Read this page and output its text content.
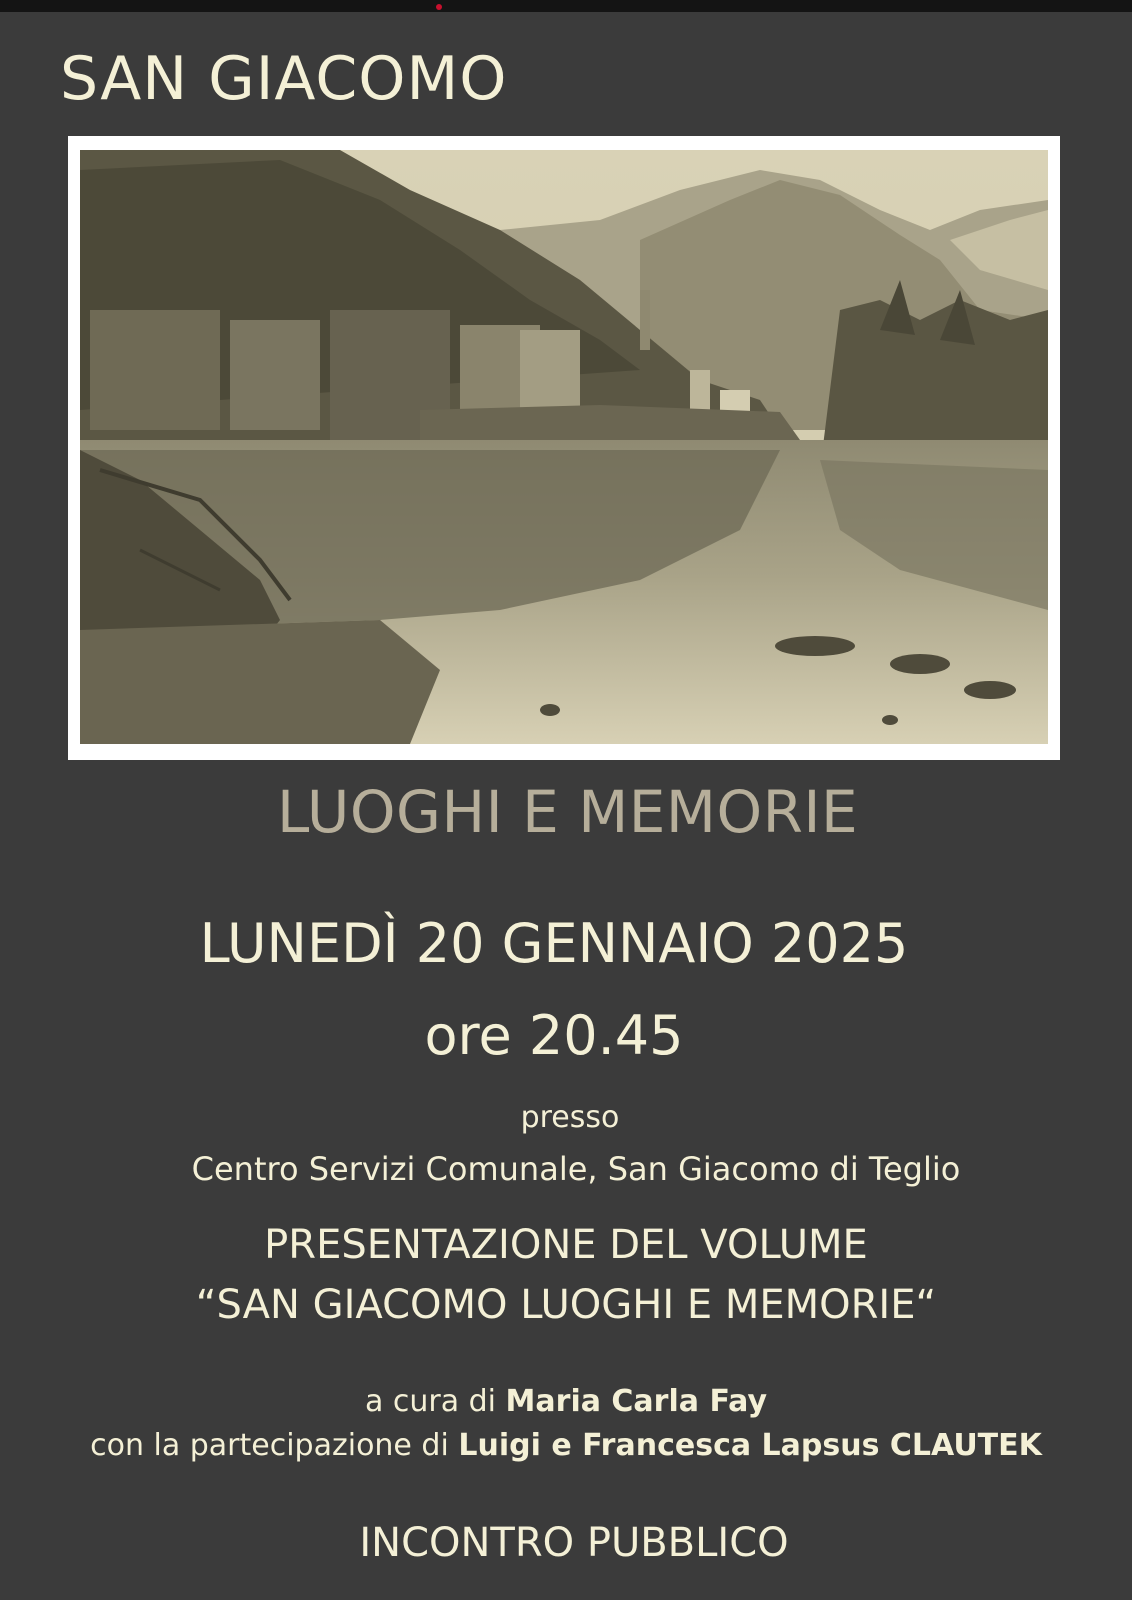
SAN GIACOMO
LUOGHI E MEMORIE
LUNEDÌ 20 GENNAIO 2025
ore 20.45
presso
Centro Servizi Comunale, San Giacomo di Teglio
PRESENTAZIONE DEL VOLUME
“SAN GIACOMO LUOGHI E MEMORIE“
a cura di Maria Carla Fay
con la partecipazione di Luigi e Francesca Lapsus CLAUTEK
INCONTRO PUBBLICO
